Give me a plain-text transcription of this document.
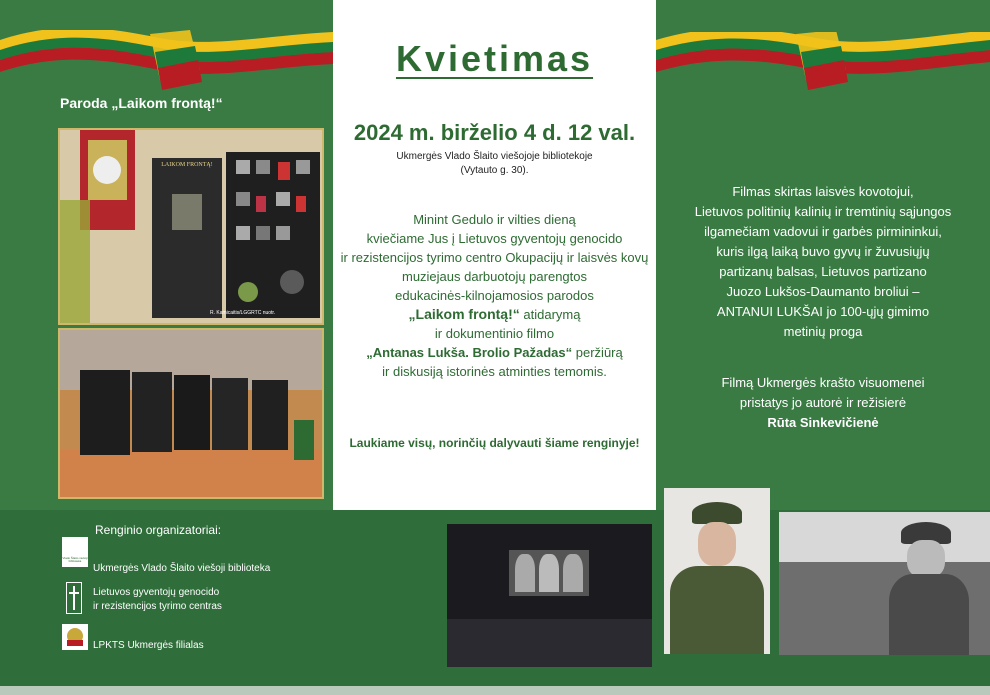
Paroda „Laikom frontą!“
LAIKOM FRONTĄ!
R. Kamicaitis/LGGRTC nuotr.
Kvietimas
2024 m. birželio 4 d. 12 val.
Ukmergės Vlado Šlaito viešojoje bibliotekoje
(Vytauto g. 30).
Minint Gedulo ir vilties dieną
kviečiame Jus į Lietuvos gyventojų genocido
ir rezistencijos tyrimo centro Okupacijų ir laisvės kovų
muziejaus darbuotojų parengtos
edukacinės-kilnojamosios parodos
„Laikom frontą!“ atidarymą
ir dokumentinio filmo
„Antanas Lukša. Brolio Pažadas“ peržiūrą
ir diskusiją istorinės atminties temomis.
Laukiame visų, norinčių dalyvauti šiame renginyje!
Filmas skirtas laisvės kovotojui,
Lietuvos politinių kalinių ir tremtinių sąjungos
ilgamečiam vadovui ir garbės pirmininkui,
kuris ilgą laiką buvo gyvų ir žuvusiųjų
partizanų balsas, Lietuvos partizano
Juozo Lukšos-Daumanto broliui –
ANTANUI LUKŠAI jo 100-ųjų gimimo
metinių proga
Filmą Ukmergės krašto visuomenei
pristatys jo autorė ir režisierė
Rūta Sinkevičienė
Renginio organizatoriai:
Vlado Šlaito viešoji biblioteka
Ukmergės Vlado Šlaito viešoji biblioteka
Lietuvos gyventojų genocido
ir rezistencijos tyrimo centras
LPKTS Ukmergės filialas
